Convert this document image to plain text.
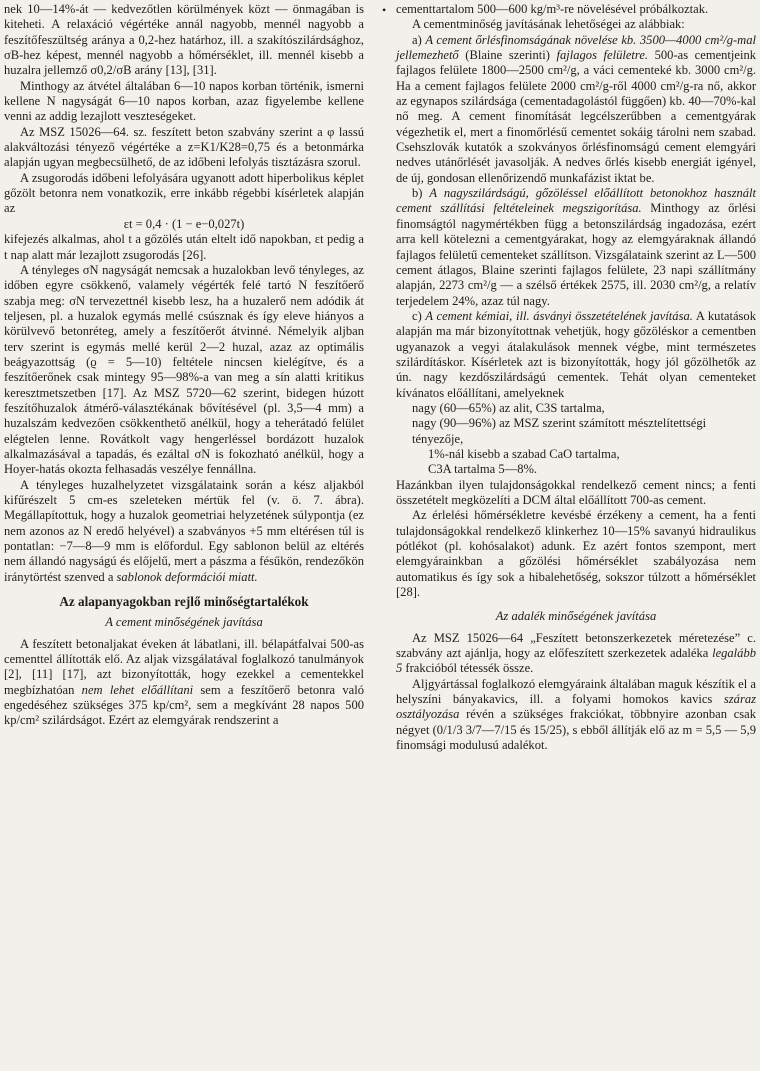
•

nek 10—14%-át — kedvezőtlen körülmények közt — önmagában is kiteheti. A relaxáció végértéke annál nagyobb, mennél nagyobb a feszítőfeszültség aránya a 0,2-hez határhoz, ill. a szakítószilárdsághoz, σB-hez képest, mennél nagyobb a hőmérséklet, ill. mennél kisebb a huzalra jellemző σ0,2/σB arány [13], [31].

Minthogy az átvétel általában 6—10 napos korban történik, ismerni kellene N nagyságát 6—10 napos korban, azaz figyelembe kellene venni az addig lezajlott veszteségeket.

Az MSZ 15026—64. sz. feszített beton szabvány szerint a φ lassú alakváltozási tényező végértéke a z=K1/K28=0,75 és a betonmárka alapján ugyan megbecsülhető, de az időbeni lefolyás tisztázásra szorul.

A zsugorodás időbeni lefolyására ugyanott adott hiperbolikus képlet gőzölt betonra nem vonatkozik, erre inkább régebbi kísérletek alapján az

εt = 0,4 · (1 − e−0,027t)

kifejezés alkalmas, ahol t a gőzölés után eltelt idő napokban, εt pedig a t nap alatt már lezajlott zsugorodás [26].

A tényleges σN nagyságát nemcsak a huzalokban levő tényleges, az időben egyre csökkenő, valamely végérték felé tartó N feszítőerő szabja meg: σN tervezettnél kisebb lesz, ha a huzalerő nem adódik át teljesen, pl. a huzalok egymás mellé csúsznak és így eleve hiányos a körülvevő betonréteg, amely a feszítőerőt átvinné. Némelyik aljban terv szerint is egymás mellé kerül 2—2 huzal, azaz az optimális beágyazottság (ϱ = 5—10) feltétele nincsen kielégítve, és a feszítőerőnek csak mintegy 95—98%-a van meg a sín alatti kritikus keresztmetszetben [17]. Az MSZ 5720—62 szerint, bidegen húzott feszítőhuzalok átmérő-választékának bővítésével (pl. 3,5—4 mm) a huzalszám kedvezően csökkenthető anélkül, hogy a teherátadó felület elégtelen lenne. Rovátkolt vagy hengerléssel bordázott huzalok alkalmazásával a tapadás, és ezáltal σN is fokozható anélkül, hogy a Hoyer-hatás okozta felhasadás veszélye fennállna.

A tényleges huzalhelyzetet vizsgálataink során a kész aljakból kifűrészelt 5 cm-es szeleteken mértük fel (v. ö. 7. ábra). Megállapítottuk, hogy a huzalok geometriai helyzetének súlypontja (ez nem azonos az N eredő helyével) a szabványos +5 mm eltérésen túl is pontatlan: −7—8—9 mm is előfordul. Egy sablonon belül az eltérés nem állandó nagyságú és előjelű, mert a pászma a fésűkön, rendezőkön iránytörtést szenved a sablonok deformációi miatt.

Az alapanyagokban rejlő minőségtartalékok
A cement minőségének javítása

A feszített betonaljakat éveken át lábatlani, ill. bélapátfalvai 500-as cementtel állították elő. Az aljak vizsgálatával foglalkozó tanulmányok [2], [11] [17], azt bizonyították, hogy ezekkel a cementekkel megbízhatóan nem lehet előállítani sem a feszítőerő betonra való engedéséhez szükséges 375 kp/cm², sem a megkívánt 28 napos 500 kp/cm² szilárdságot. Ezért az elemgyárak rendszerint a

cementtartalom 500—600 kg/m³-re növelésével próbálkoztak.

A cementminőség javításának lehetőségei az alábbiak:

a) A cement őrlésfinomságának növelése kb. 3500—4000 cm²/g-mal jellemezhető (Blaine szerinti) fajlagos felületre. 500-as cementjeink fajlagos felülete 1800—2500 cm²/g, a váci cementeké kb. 3000 cm²/g. Ha a cement fajlagos felülete 2000 cm²/g-ről 4000 cm²/g-ra nő, akkor az egynapos szilárdsága (cementadagolástól függően) kb. 40—70%-kal nő meg. A cement finomítását legcélszerűbben a cementgyárak végezhetik el, mert a finomőrlésű cementet sokáig tárolni nem szabad. Csehszlovák kutatók a szokványos őrlésfinomságú cement elemgyári nedves utánőrlését javasolják. A nedves őrlés kisebb energiát igényel, de új, gondosan ellenőrizendő munkafázist iktat be.

b) A nagyszilárdságú, gőzöléssel előállított betonokhoz használt cement szállítási feltételeinek megszigorítása. Minthogy az őrlési finomságtól nagymértékben függ a betonszilárdság ingadozása, ezért arra kell kötelezni a cementgyárakat, hogy az elemgyáraknak állandó fajlagos felületű cementeket szállítson. Vizsgálataink szerint az L—500 cement átlagos, Blaine szerinti fajlagos felülete, 23 napi szállítmány alapján, 2273 cm²/g — a szélső értékek 2575, ill. 2030 cm²/g, a relatív terjedelem 24%, azaz túl nagy.

c) A cement kémiai, ill. ásványi összetételének javítása. A kutatások alapján ma már bizonyítottnak vehetjük, hogy gőzöléskor a cementben ugyanazok a vegyi átalakulások mennek végbe, mint természetes szilárdításkor. Kísérletek azt is bizonyították, hogy jól gőzölhetők az ún. nagy kezdőszilárdságú cementek. Tehát olyan cementeket kívánatos előállítani, amelyeknek

nagy (60—65%) az alit, C3S tartalma,

nagy (90—96%) az MSZ szerint számított mésztelítettségi tényezője,

1%-nál kisebb a szabad CaO tartalma,

C3A tartalma 5—8%.

Hazánkban ilyen tulajdonságokkal rendelkező cement nincs; a fenti összetételt megközelíti a DCM által előállított 700-as cement.

Az érlelési hőmérsékletre kevésbé érzékeny a cement, ha a fenti tulajdonságokkal rendelkező klinkerhez 10—15% savanyú hidraulikus pótlékot (pl. kohósalakot) adunk. Ez azért fontos szempont, mert elemgyárainkban a gőzölési hőmérséklet szabályozása nem automatikus és így sok a hibalehetőség, sokszor túlzott a hőmérséklet [28].

Az adalék minőségének javítása

Az MSZ 15026—64 „Feszített betonszerkezetek méretezése” c. szabvány azt ajánlja, hogy az előfeszített szerkezetek adaléka legalább 5 frakcióból tétessék össze.

Aljgyártással foglalkozó elemgyáraink általában maguk készítik el a helyszíni bányakavics, ill. a folyami homokos kavics száraz osztályozása révén a szükséges frakciókat, többnyire azonban csak négyet (0/1/3 3/7—7/15 és 15/25), s ebből állítják elő az m = 5,5 — 5,9 finomsági modulusú adalékot.
